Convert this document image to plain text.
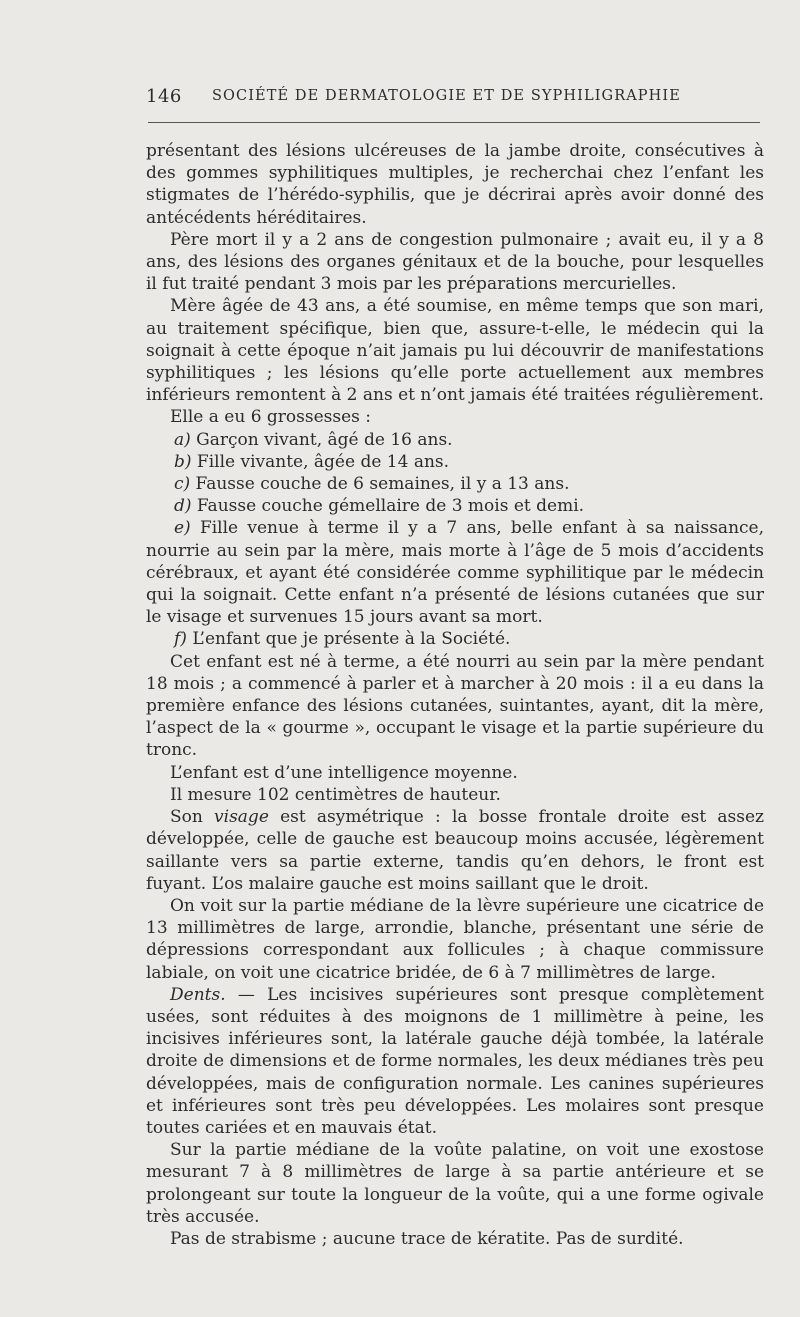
146 SOCIÉTÉ DE DERMATOLOGIE ET DE SYPHILIGRAPHIE

présentant des lésions ulcéreuses de la jambe droite, consécutives à des gommes syphilitiques multiples, je recherchai chez l’enfant les stigmates de l’hérédo-syphilis, que je décrirai après avoir donné des antécédents héréditaires.

Père mort il y a 2 ans de congestion pulmonaire ; avait eu, il y a 8 ans, des lésions des organes génitaux et de la bouche, pour lesquelles il fut traité pendant 3 mois par les préparations mercurielles.

Mère âgée de 43 ans, a été soumise, en même temps que son mari, au traitement spécifique, bien que, assure-t-elle, le médecin qui la soignait à cette époque n’ait jamais pu lui découvrir de manifestations syphilitiques ; les lésions qu’elle porte actuellement aux membres inférieurs remontent à 2 ans et n’ont jamais été traitées régulièrement.

Elle a eu 6 grossesses :

a) Garçon vivant, âgé de 16 ans.

b) Fille vivante, âgée de 14 ans.

c) Fausse couche de 6 semaines, il y a 13 ans.

d) Fausse couche gémellaire de 3 mois et demi.

e) Fille venue à terme il y a 7 ans, belle enfant à sa naissance, nourrie au sein par la mère, mais morte à l’âge de 5 mois d’accidents cérébraux, et ayant été considérée comme syphilitique par le médecin qui la soignait. Cette enfant n’a présenté de lésions cutanées que sur le visage et survenues 15 jours avant sa mort.

f) L’enfant que je présente à la Société.

Cet enfant est né à terme, a été nourri au sein par la mère pendant 18 mois ; a commencé à parler et à marcher à 20 mois : il a eu dans la première enfance des lésions cutanées, suintantes, ayant, dit la mère, l’aspect de la « gourme », occupant le visage et la partie supérieure du tronc.

L’enfant est d’une intelligence moyenne.

Il mesure 102 centimètres de hauteur.

Son visage est asymétrique : la bosse frontale droite est assez développée, celle de gauche est beaucoup moins accusée, légèrement saillante vers sa partie externe, tandis qu’en dehors, le front est fuyant. L’os malaire gauche est moins saillant que le droit.

On voit sur la partie médiane de la lèvre supérieure une cicatrice de 13 millimètres de large, arrondie, blanche, présentant une série de dépressions correspondant aux follicules ; à chaque commissure labiale, on voit une cicatrice bridée, de 6 à 7 millimètres de large.

Dents. — Les incisives supérieures sont presque complètement usées, sont réduites à des moignons de 1 millimètre à peine, les incisives inférieures sont, la latérale gauche déjà tombée, la latérale droite de dimensions et de forme normales, les deux médianes très peu développées, mais de configuration normale. Les canines supérieures et inférieures sont très peu développées. Les molaires sont presque toutes cariées et en mauvais état.

Sur la partie médiane de la voûte palatine, on voit une exostose mesurant 7 à 8 millimètres de large à sa partie antérieure et se prolongeant sur toute la longueur de la voûte, qui a une forme ogivale très accusée.

Pas de strabisme ; aucune trace de kératite. Pas de surdité.
